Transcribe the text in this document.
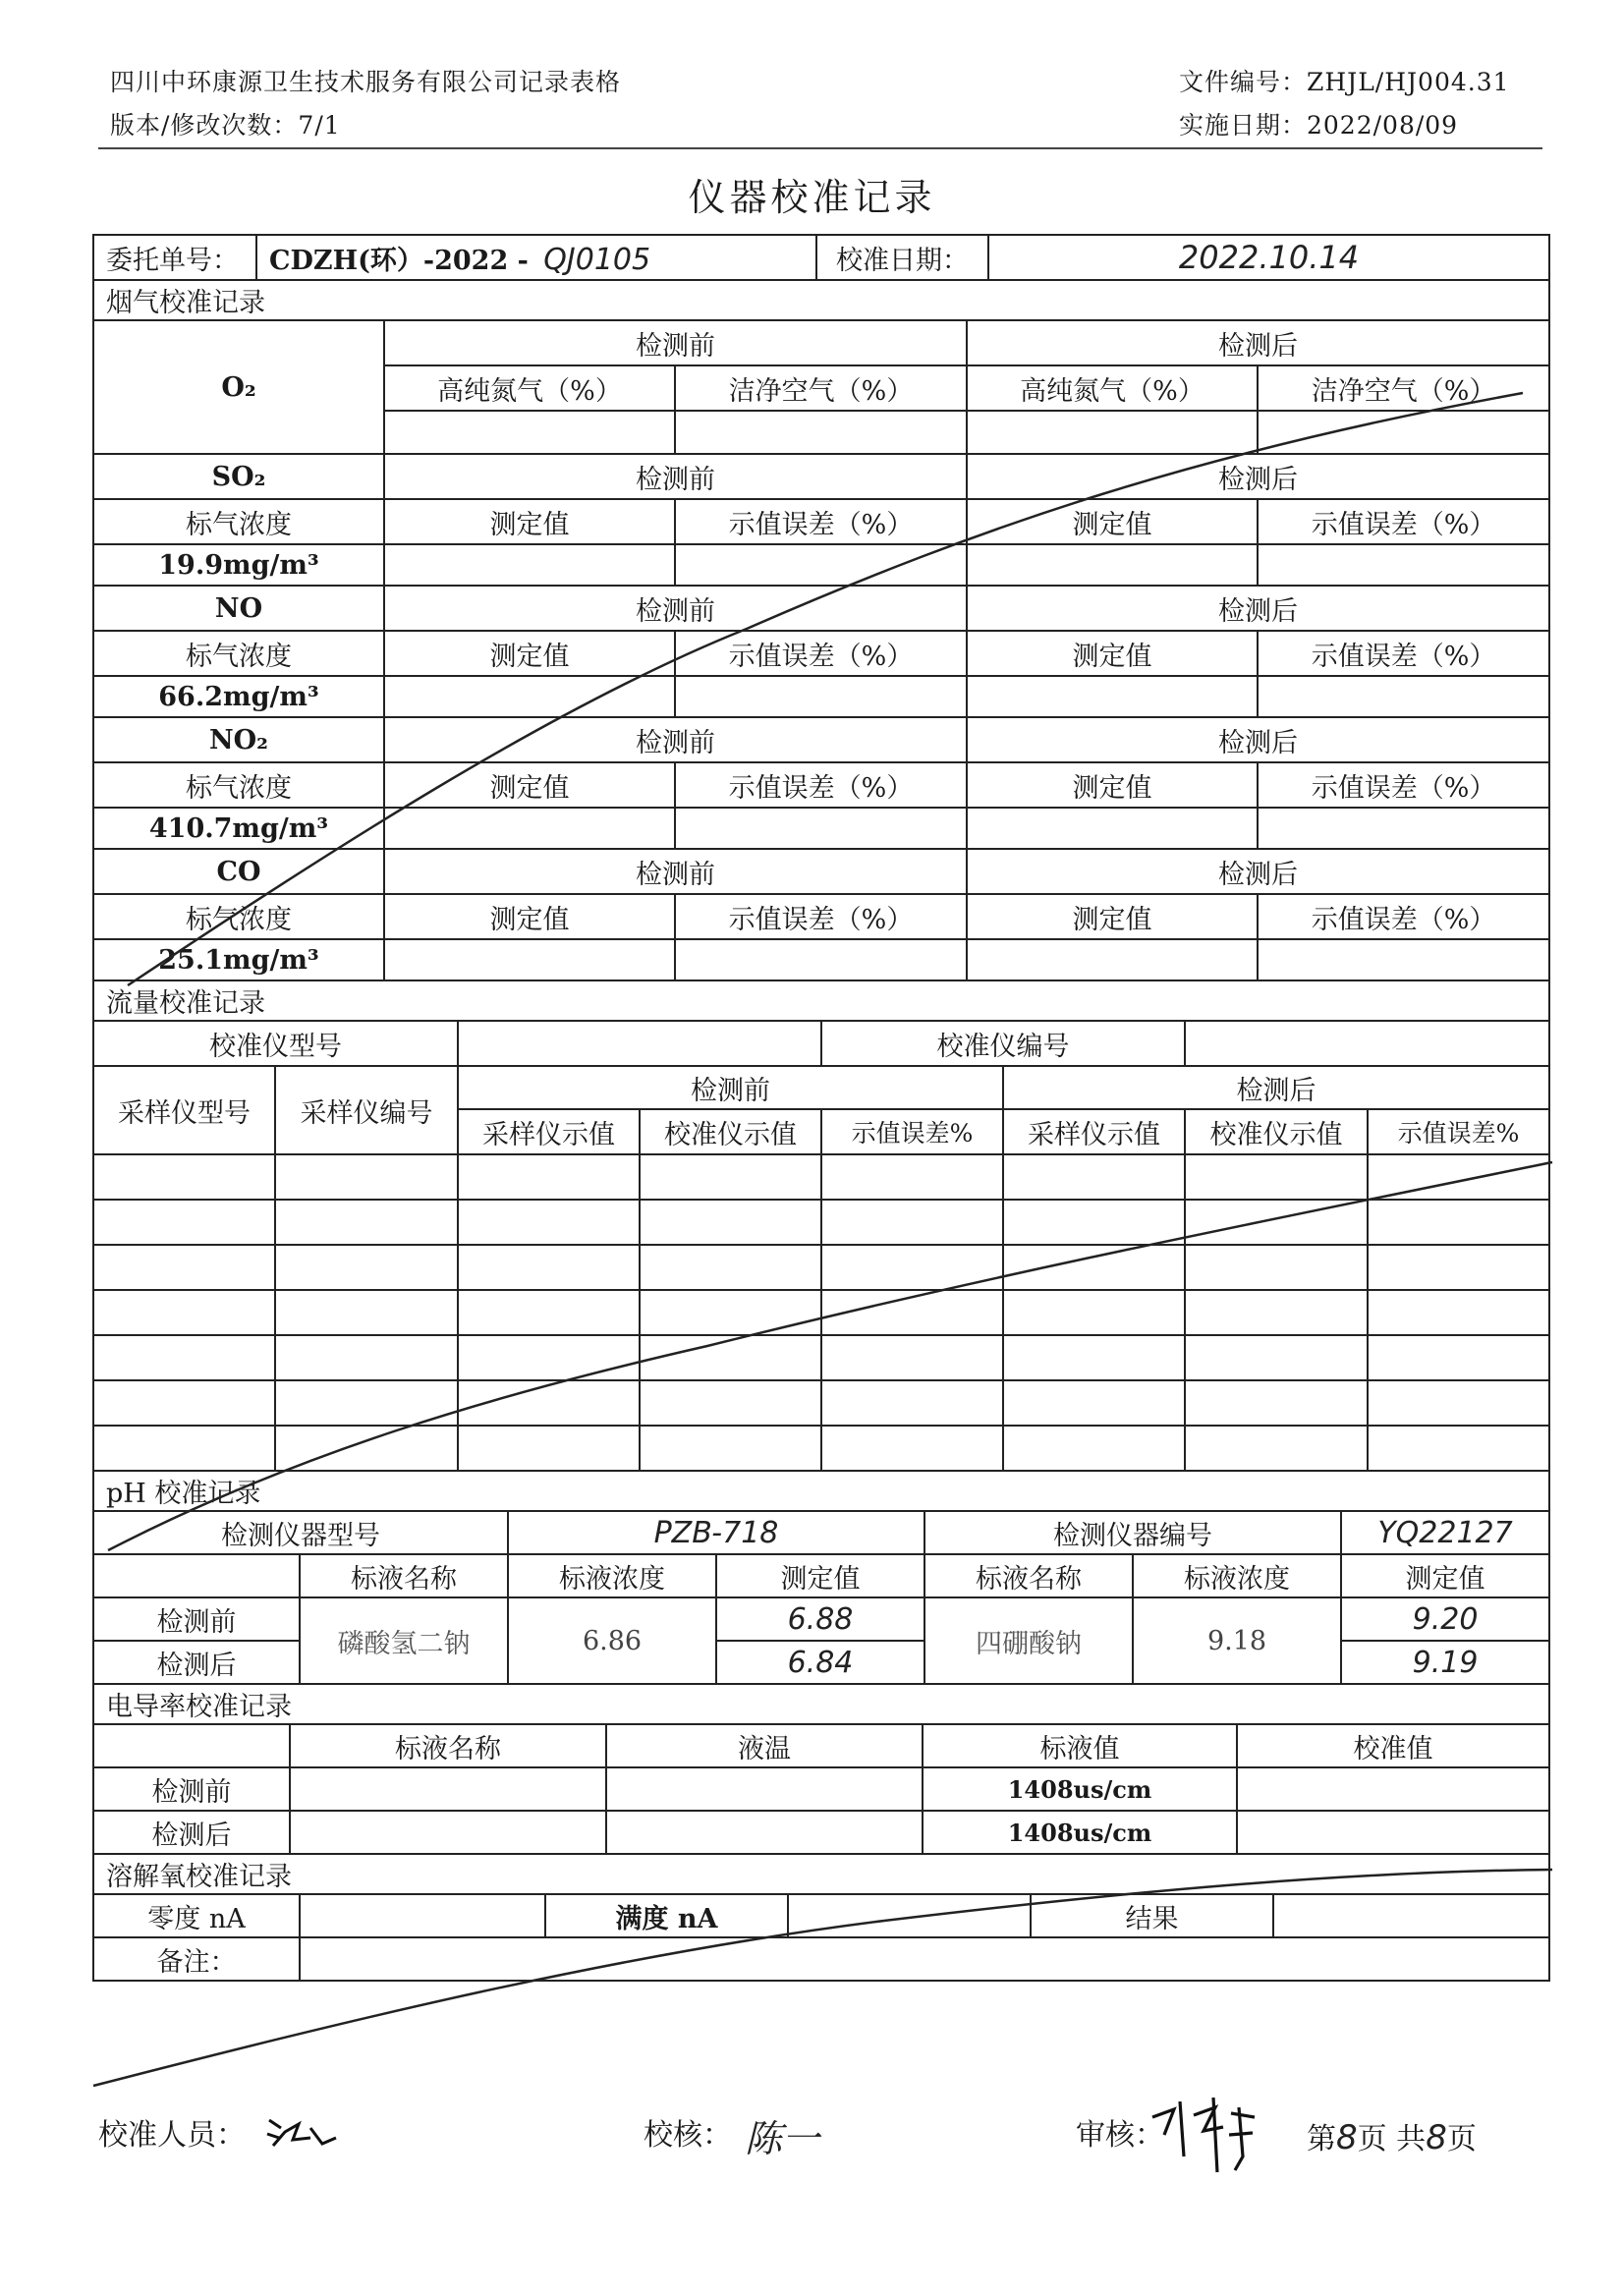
四川中环康源卫生技术服务有限公司记录表格
版本/修改次数：7/1
文件编号：ZHJL/HJ004.31
实施日期：2022/08/09
仪器校准记录
委托单号：	CDZH(环）-2022 - QJ0105	校准日期：	2022.10.14
烟气校准记录				
O₂	检测前		检测后	
	高纯氮气（%）	洁净空气（%）	高纯氮气（%）	洁净空气（%）

SO₂	检测前		检测后	
标气浓度	测定值	示值误差（%）	测定值	示值误差（%）
19.9mg/m³				
NO	检测前		检测后	
标气浓度	测定值	示值误差（%）	测定值	示值误差（%）
66.2mg/m³				
NO₂	检测前		检测后	
标气浓度	测定值	示值误差（%）	测定值	示值误差（%）
410.7mg/m³				
CO	检测前		检测后	
标气浓度	测定值	示值误差（%）	测定值	示值误差（%）
25.1mg/m³				
流量校准记录							
校准仪型号				校准仪编号			
采样仪型号	采样仪编号	检测前			检测后		
		采样仪示值	校准仪示值	示值误差%	采样仪示值	校准仪示值	示值误差%

pH 校准记录						
检测仪器型号		PZB-718		检测仪器编号		YQ22127
	标液名称	标液浓度	测定值	标液名称	标液浓度	测定值
检测前	磷酸氢二钠	6.86	6.88	四硼酸钠	9.18	9.20
检测后			6.84			9.19
电导率校准记录				
	标液名称	液温	标液值	校准值
检测前			1408us/cm	
检测后			1408us/cm	
溶解氧校准记录					
零度 nA		满度 nA		结果	
备注：					
校准人员：	校核： 陈一	审核：	第8页 共8页
